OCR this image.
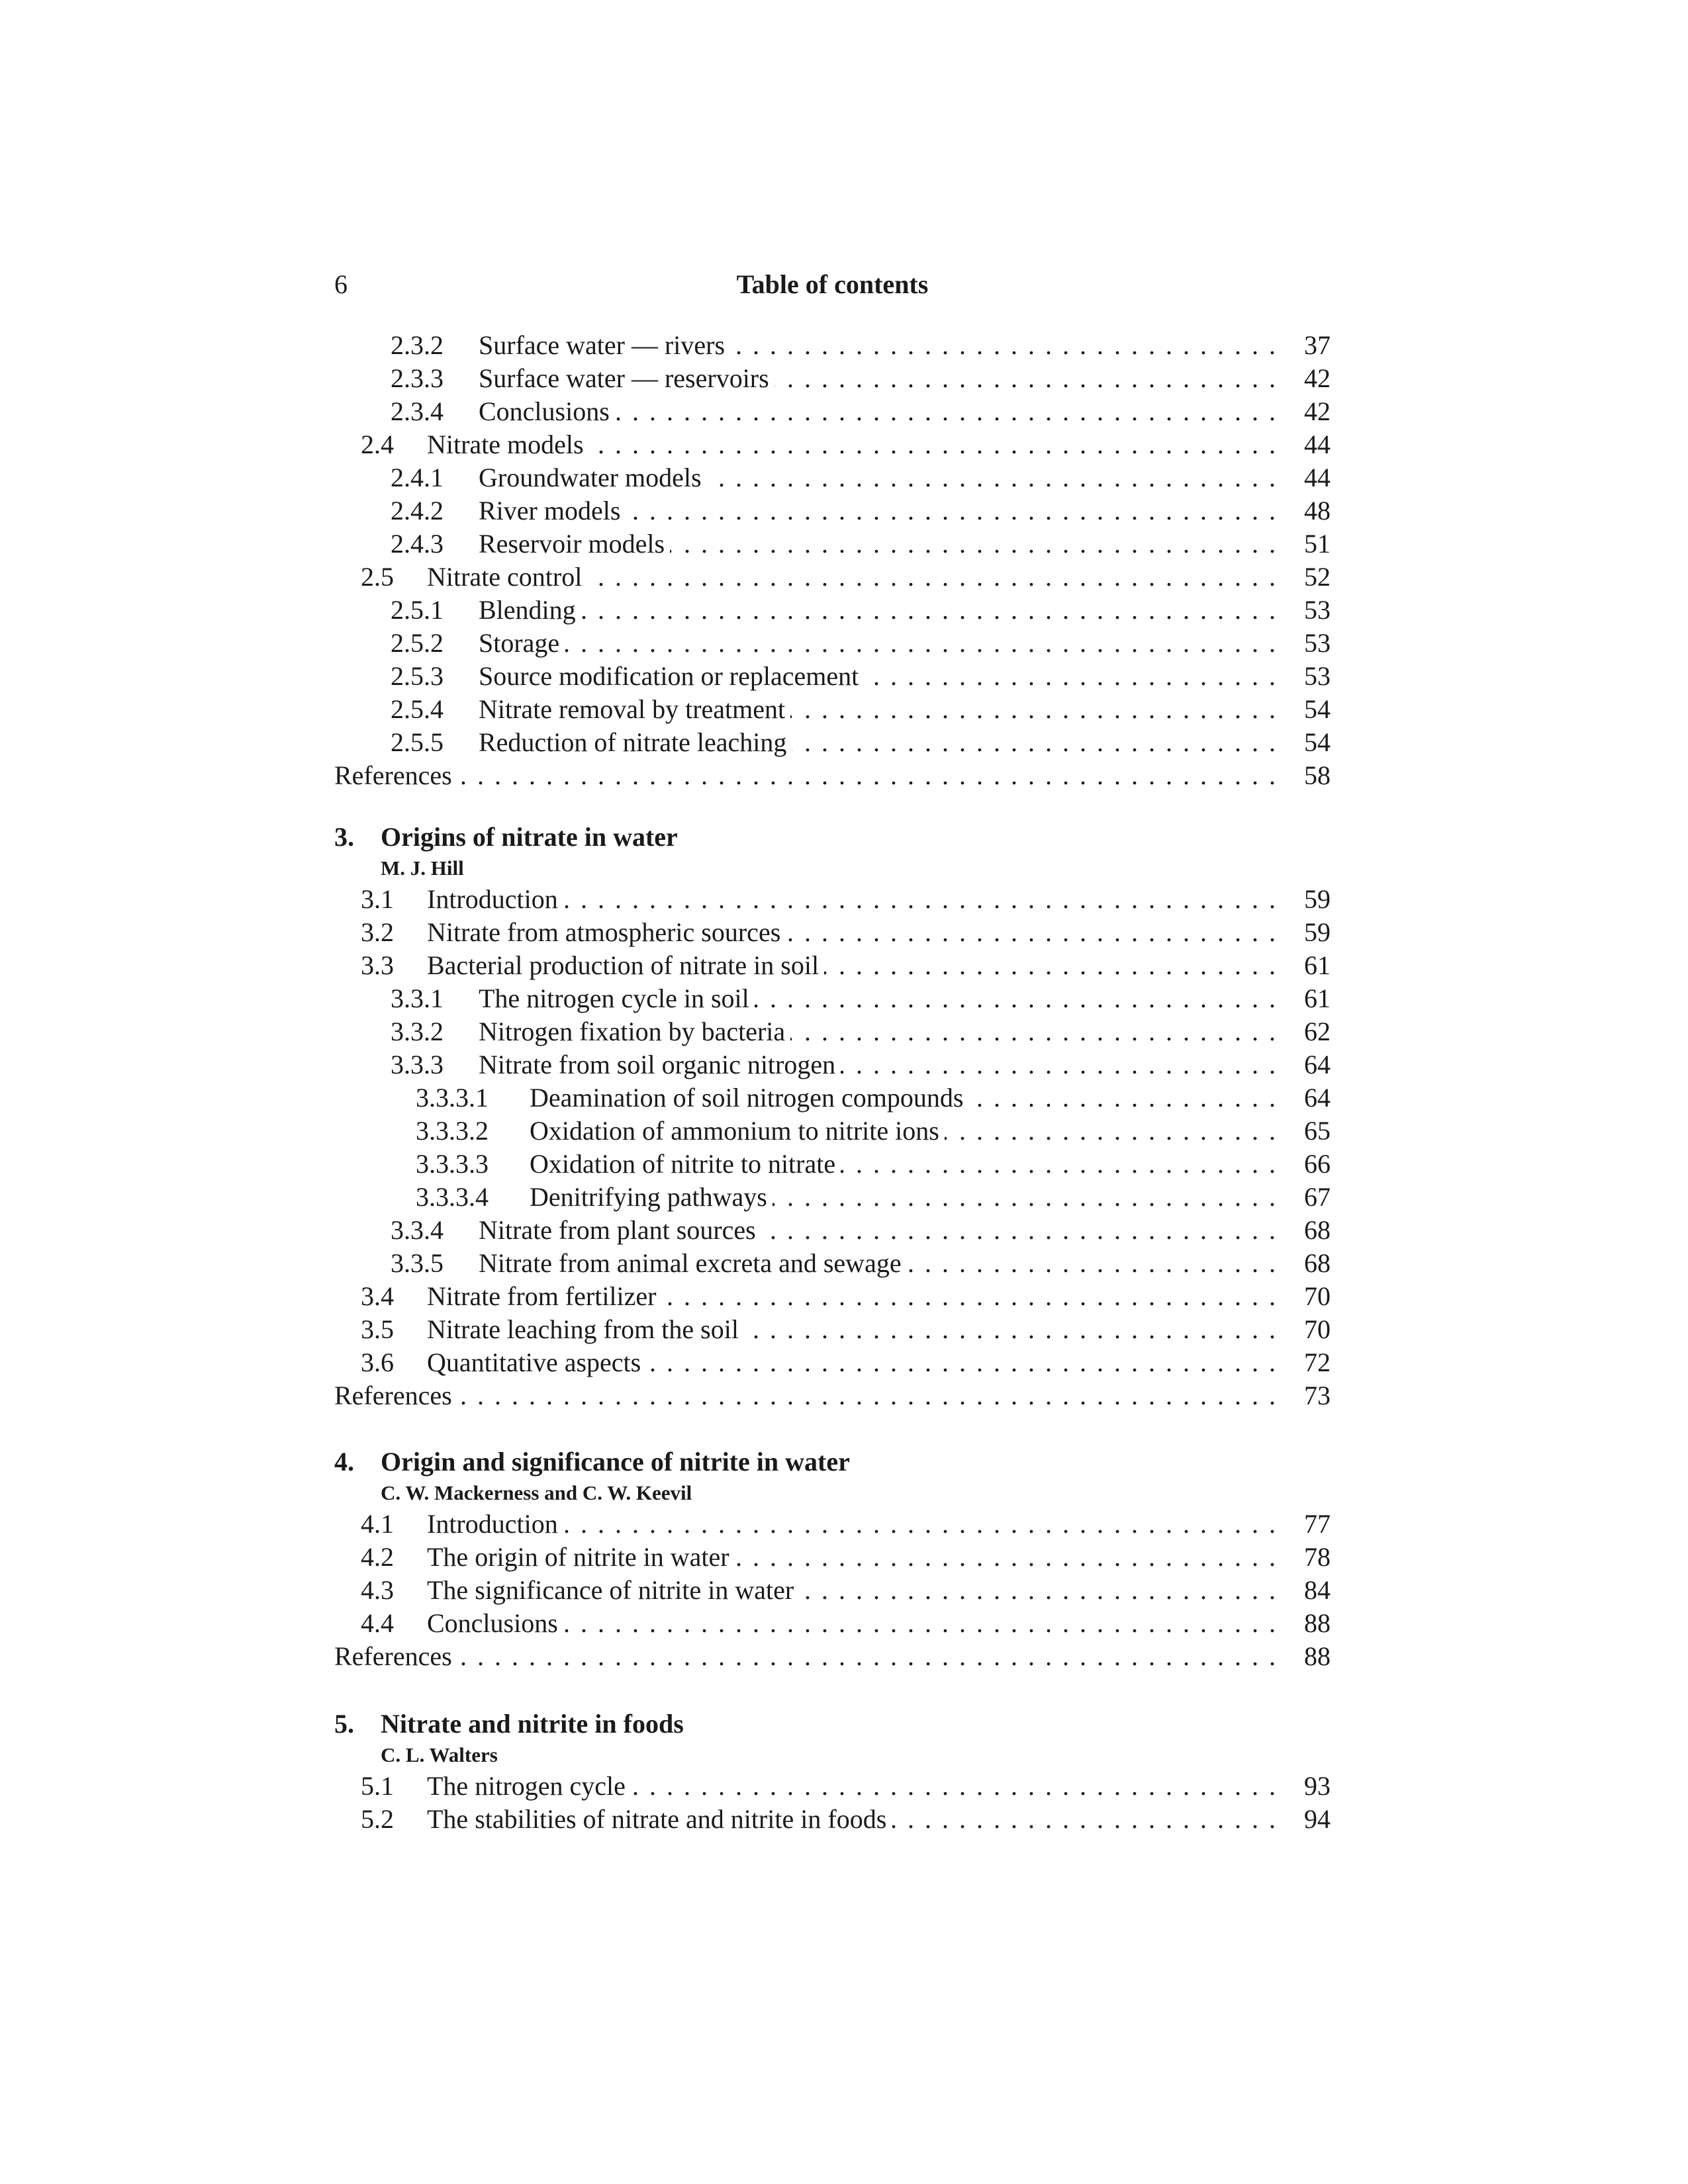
6	Table of contents
2.3.2 . . . Surface water — rivers	37
2.3.3 . . . Surface water — reservoirs	42
2.3.4 . . . Conclusions	42
2.4 . . . Nitrate models	44
2.4.1 . . . Groundwater models	44
2.4.2 . . . River models	48
2.4.3 . . . Reservoir models	51
2.5 . . . Nitrate control	52
2.5.1 . . . Blending	53
2.5.2 . . . Storage	53
2.5.3 . . . Source modification or replacement	53
2.5.4 . . . Nitrate removal by treatment	54
2.5.5 . . . Reduction of nitrate leaching	54
. . .
References	58
3. Origins of nitrate in water
M. J. Hill
3.1 . . . Introduction	59
3.2 . . . Nitrate from atmospheric sources	59
3.3 . . . Bacterial production of nitrate in soil	61
3.3.1 . . . The nitrogen cycle in soil	61
3.3.2 . . . Nitrogen fixation by bacteria	62
3.3.3 . . . Nitrate from soil organic nitrogen	64
3.3.3.1 . . . Deamination of soil nitrogen compounds	64
3.3.3.2 . . . Oxidation of ammonium to nitrite ions	65
3.3.3.3 . . . Oxidation of nitrite to nitrate	66
3.3.3.4 . . . Denitrifying pathways	67
3.3.4 . . . Nitrate from plant sources	68
3.3.5 . . . Nitrate from animal excreta and sewage	68
3.4 . . . Nitrate from fertilizer	70
3.5 . . . Nitrate leaching from the soil	70
3.6 . . . Quantitative aspects	72
. . .
References	73
4. Origin and significance of nitrite in water
C. W. Mackerness and C. W. Keevil
4.1 . . . Introduction	77
4.2 . . . The origin of nitrite in water	78
4.3 . . . The significance of nitrite in water	84
4.4 . . . Conclusions	88
. . .
References	88
5. Nitrate and nitrite in foods
C. L. Walters
5.1 . . . The nitrogen cycle	93
5.2 . . . The stabilities of nitrate and nitrite in foods	94
